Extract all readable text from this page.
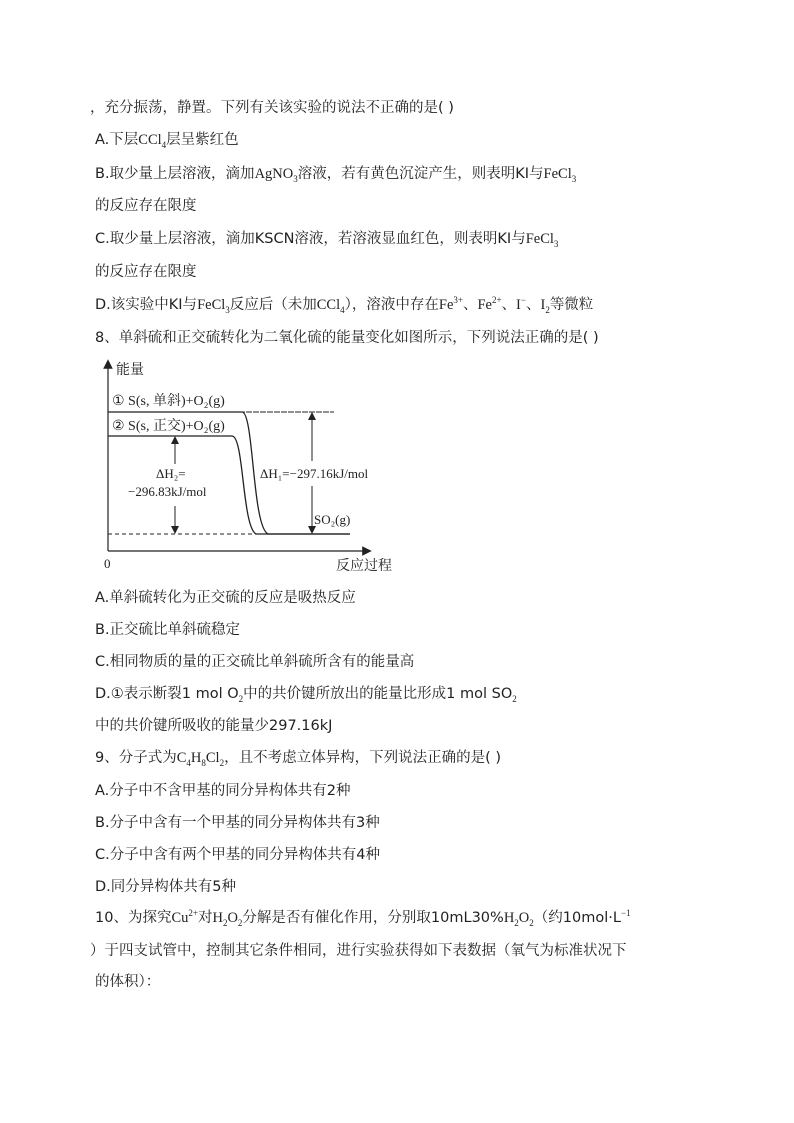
，充分振荡，静置。下列有关该实验的说法不正确的是( )
A.下层CCl$_4$层呈紫红色
B.取少量上层溶液，滴加AgNO$_3$溶液，若有黄色沉淀产生，则表明KI与FeCl$_3$
的反应存在限度
C.取少量上层溶液，滴加KSCN溶液，若溶液显血红色，则表明KI与FeCl$_3$
的反应存在限度
D.该实验中KI与FeCl$_3$反应后（未加CCl$_4$），溶液中存在$Fe^{3+}$、$Fe^{2+}$、I−、$I_2$等微粒
8、单斜硫和正交硫转化为二氧化硫的能量变化如图所示，下列说法正确的是( )
能量
0	反应过程
① S(s, 单斜)+O₂(g)
② S(s, 正交)+O₂(g)
ΔH₂=
−296.83kJ/mol
ΔH₁=−297.16kJ/mol
SO₂(g)
A.单斜硫转化为正交硫的反应是吸热反应
B.正交硫比单斜硫稳定
C.相同物质的量的正交硫比单斜硫所含有的能量高
D.①表示断裂1 mol $O_2$中的共价键所放出的能量比形成1 mol $SO_2$
中的共价键所吸收的能量少297.16kJ
9、分子式为$C_4H_8Cl_2$，且不考虑立体异构，下列说法正确的是( )
A.分子中不含甲基的同分异构体共有2种
B.分子中含有一个甲基的同分异构体共有3种
C.分子中含有两个甲基的同分异构体共有4种
D.同分异构体共有5种
10、为探究$Cu^{2+}$对$H_2O_2$分解是否有催化作用，分别取$10mL30\%H_2O_2$（约$10mol\cdot L^{-1}$
）于四支试管中，控制其它条件相同，进行实验获得如下表数据（氧气为标准状况下
的体积）：
